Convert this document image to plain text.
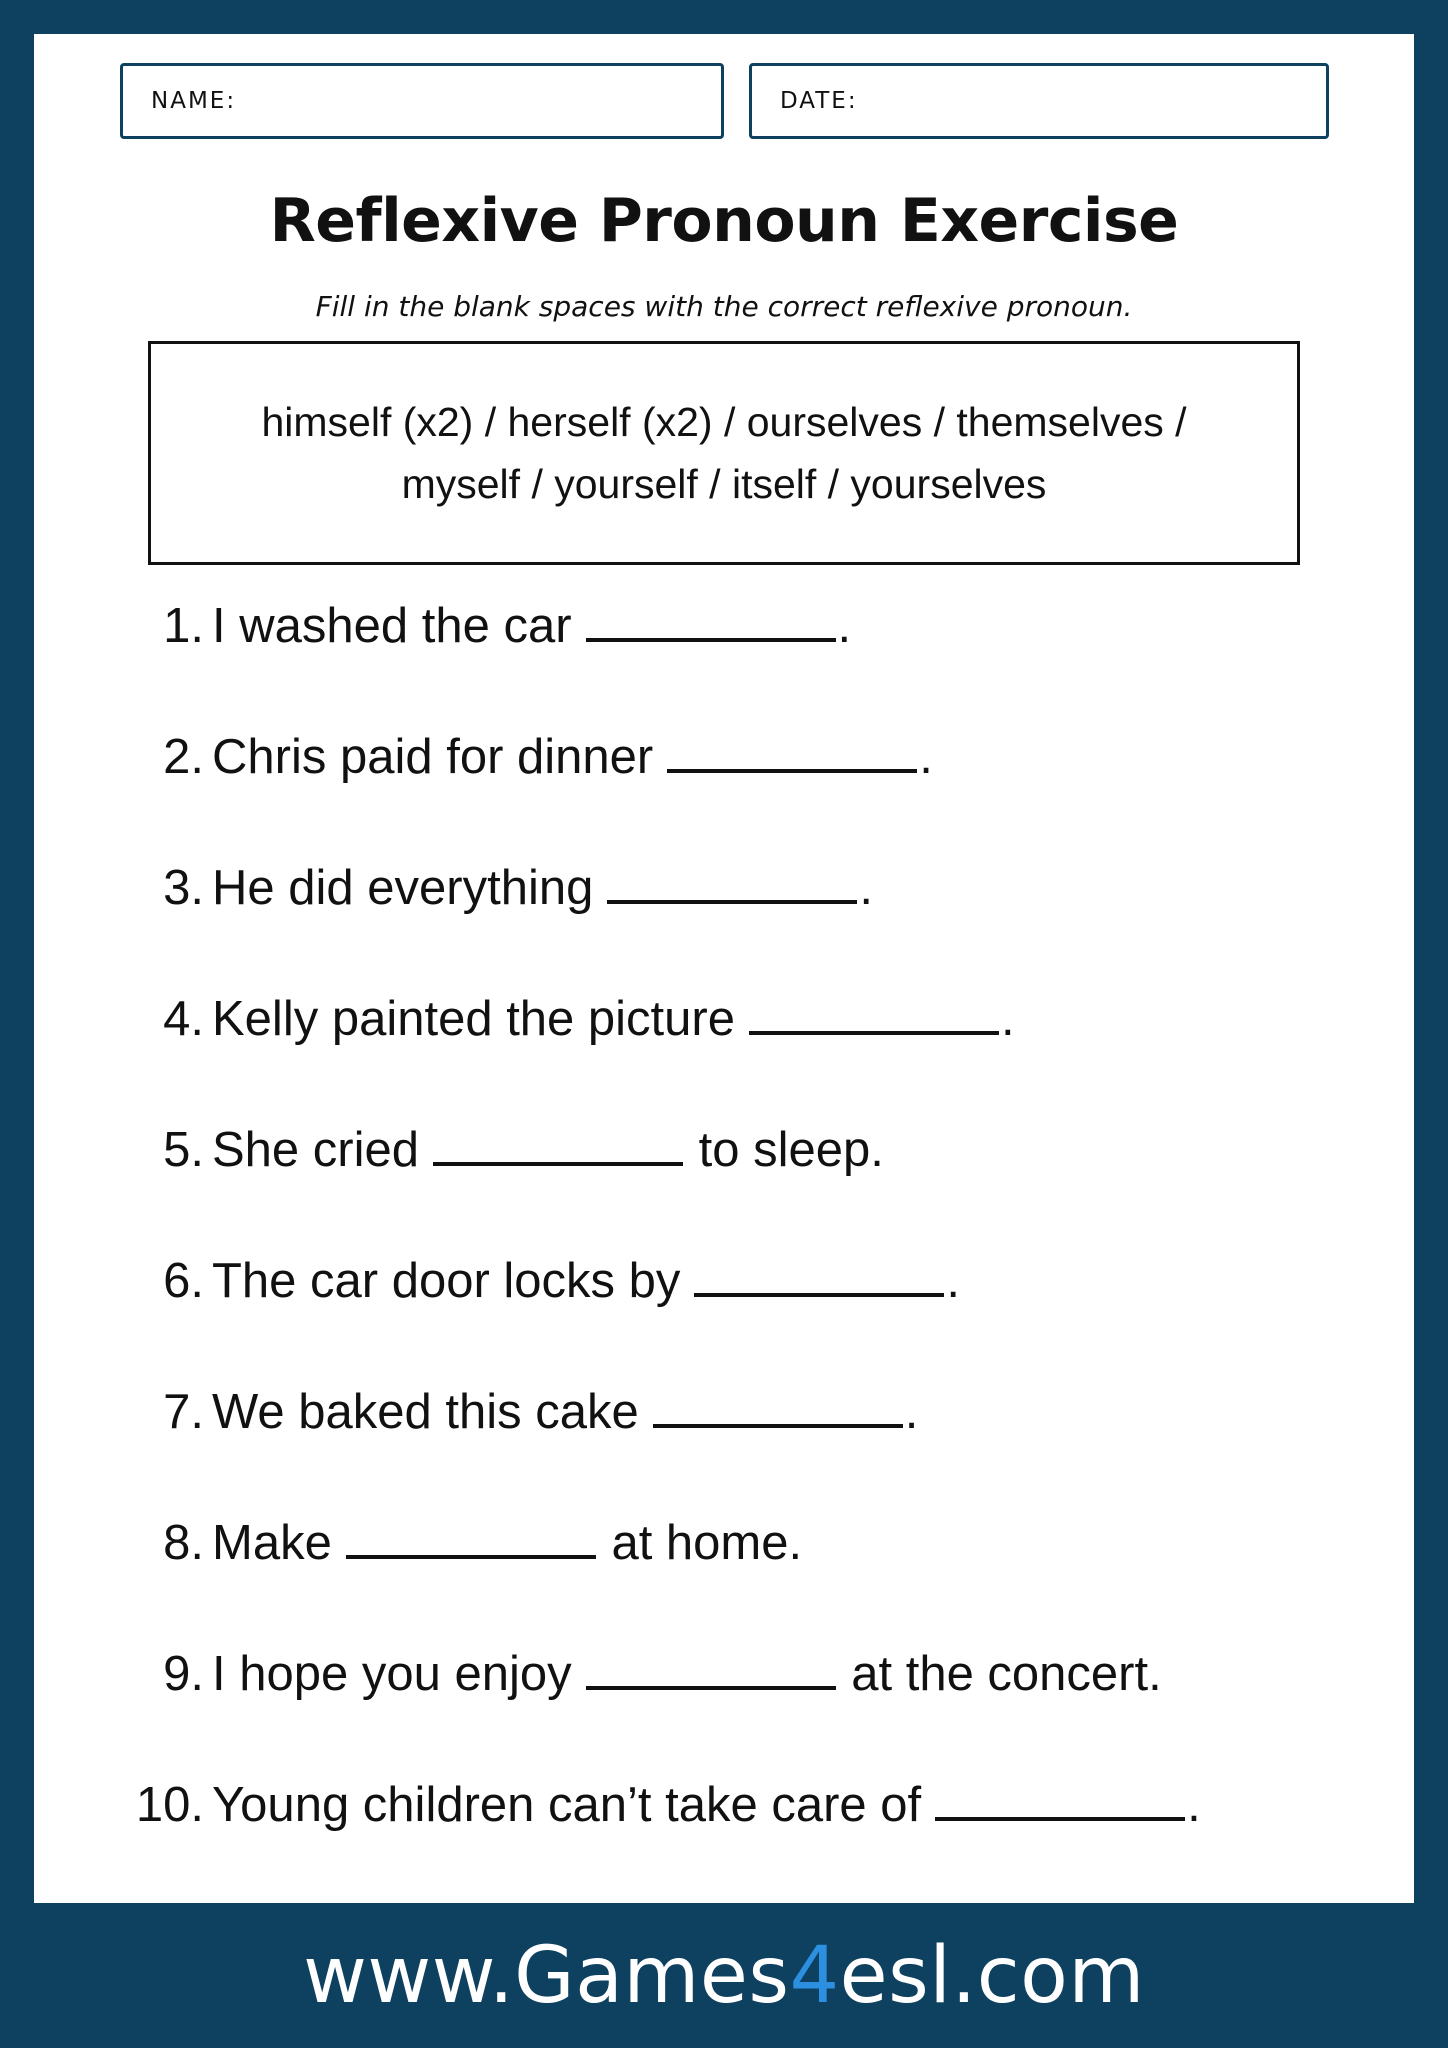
NAME:	DATE:
Reflexive Pronoun Exercise
Fill in the blank spaces with the correct reflexive pronoun.
himself (x2) / herself (x2) / ourselves / themselves /
myself / yourself / itself / yourselves
1. I washed the car	.
2. Chris paid for dinner	.
3. He did everything	.
4. Kelly painted the picture	.
5. She cried	to sleep.
6. The car door locks by	.
7. We baked this cake	.
8. Make	at home.
9. I hope you enjoy	at the concert.
10. Young children can’t take care of	.
www.Games 4 esl.com
